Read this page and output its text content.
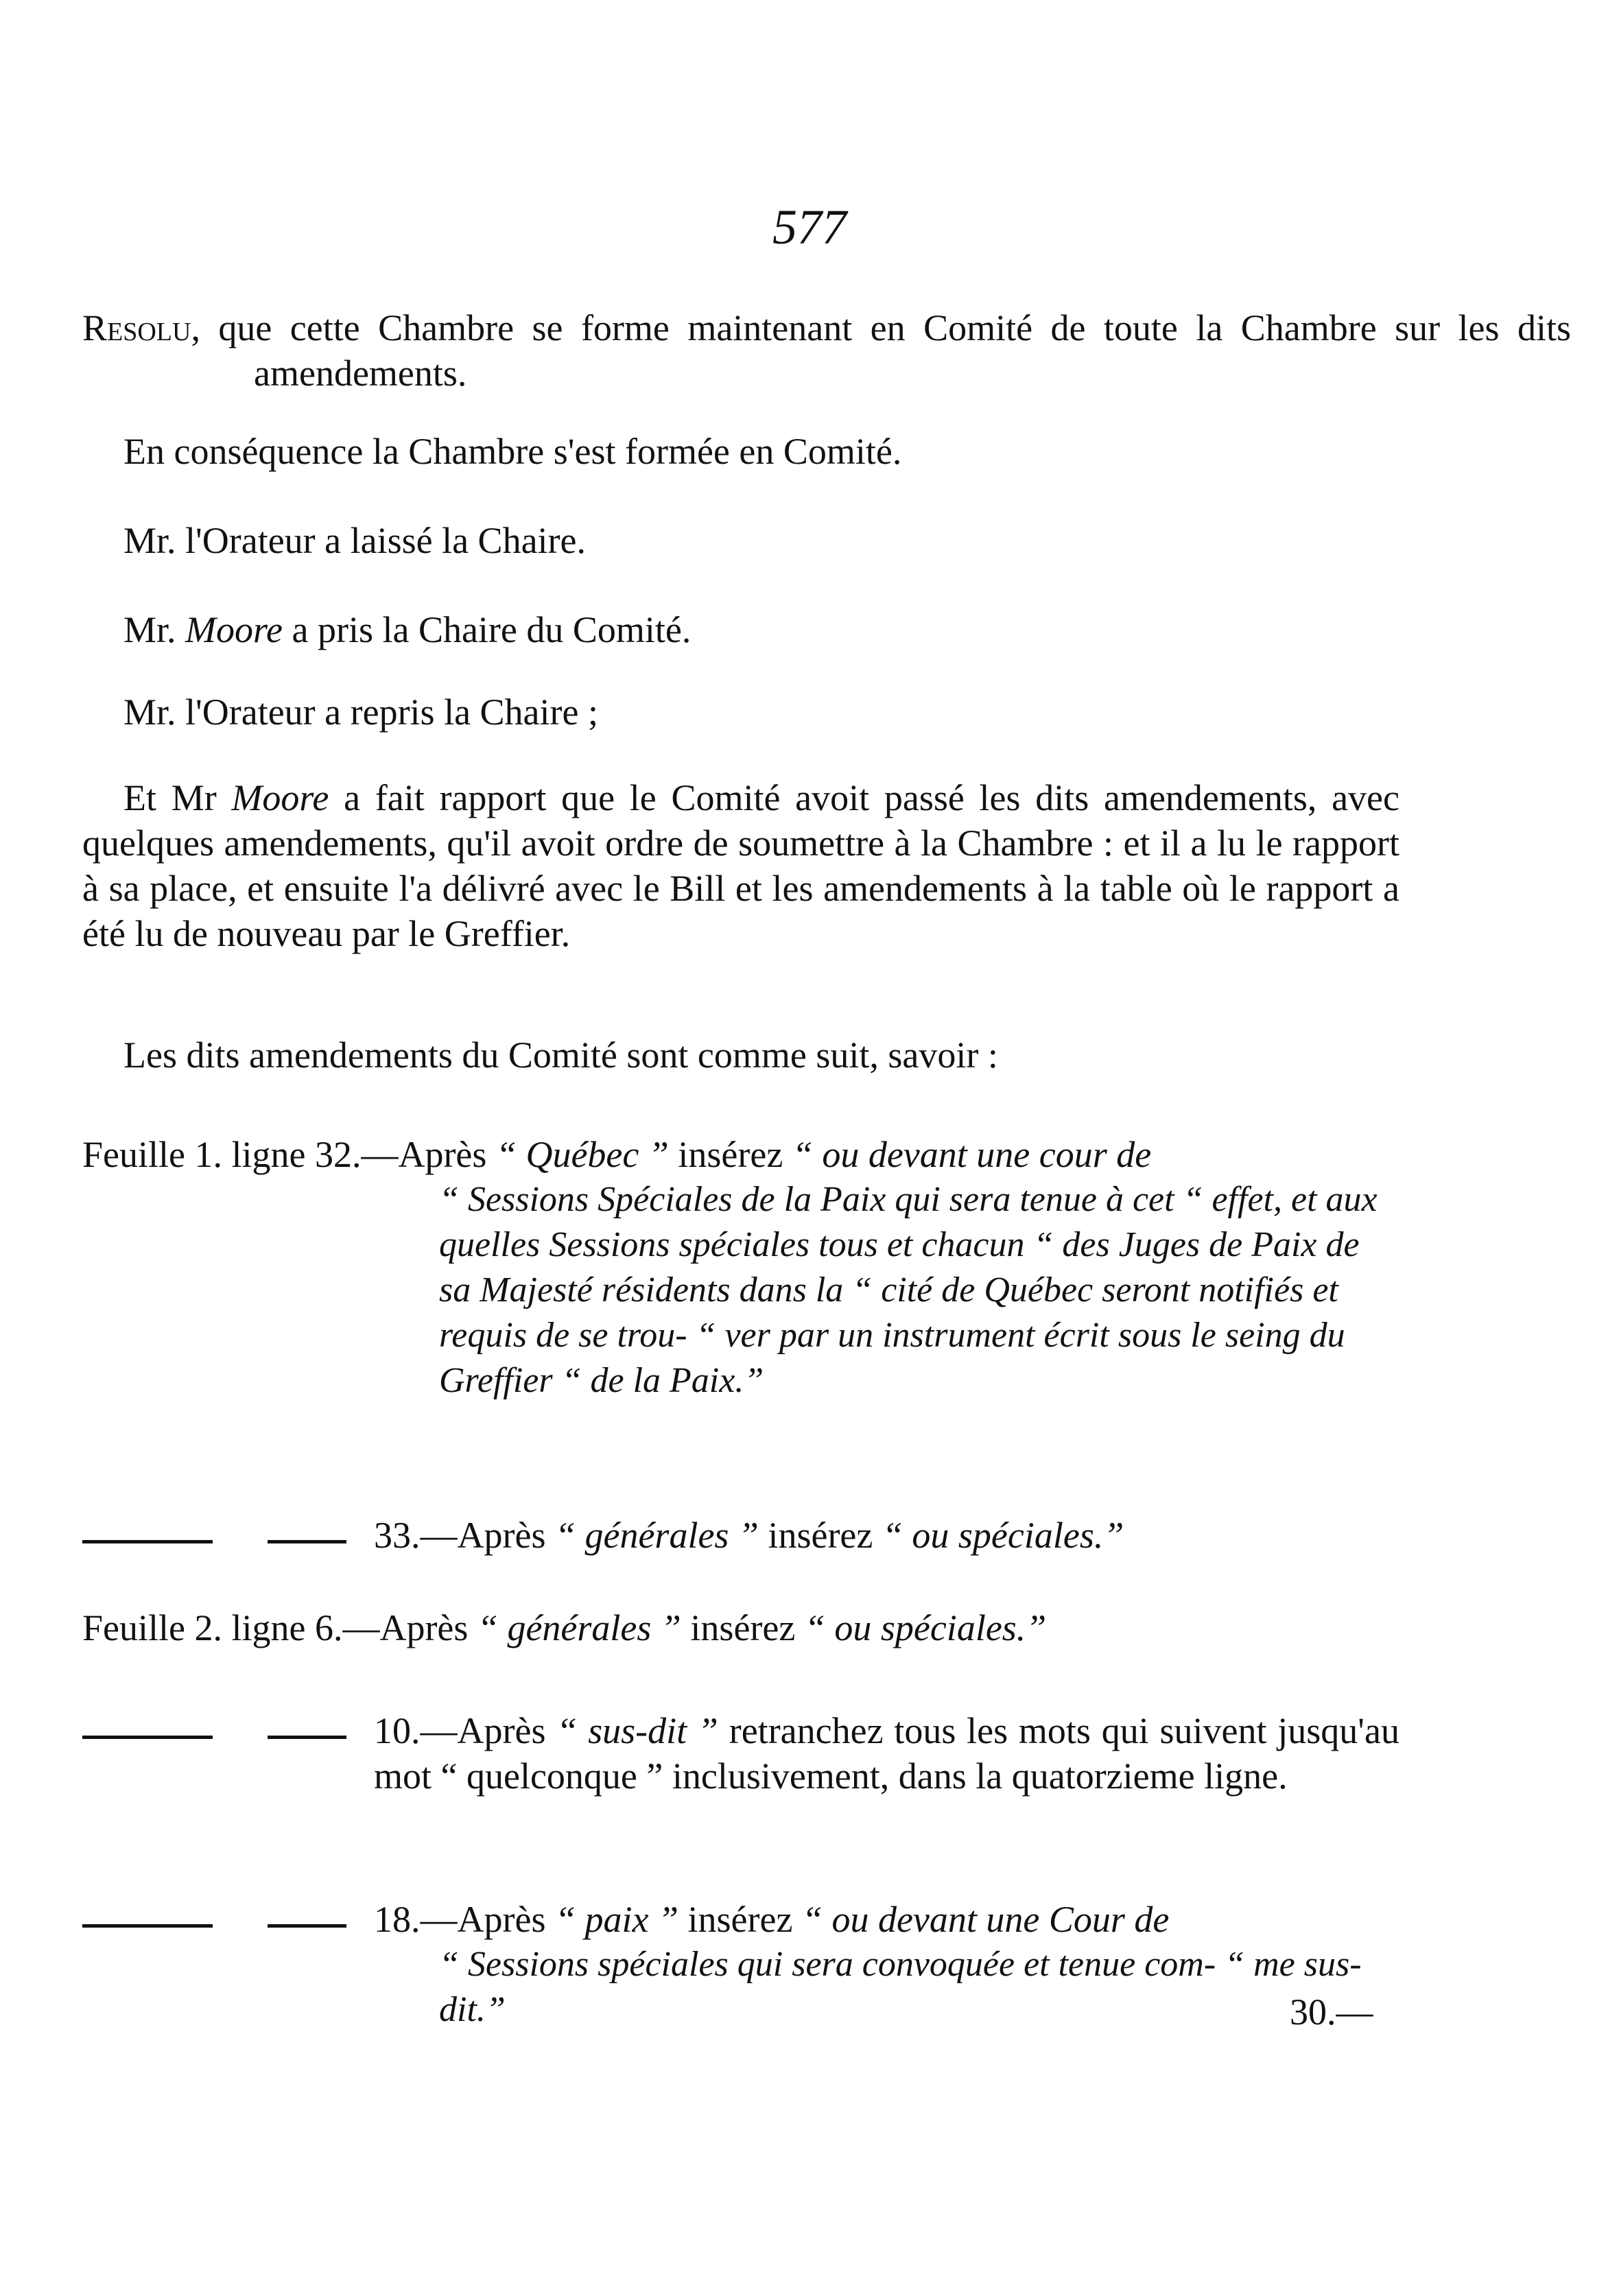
577
Resolu, que cette Chambre se forme maintenant en Comité de toute la Chambre sur les dits amendements.
En conséquence la Chambre s'est formée en Comité.
Mr. l'Orateur a laissé la Chaire.
Mr. Moore a pris la Chaire du Comité.
Mr. l'Orateur a repris la Chaire ;
Et Mr Moore a fait rapport que le Comité avoit passé les dits amendements, avec quelques amendements, qu'il avoit ordre de soumettre à la Chambre : et il a lu le rapport à sa place, et ensuite l'a délivré avec le Bill et les amendements à la table où le rapport a été lu de nouveau par le Greffier.
Les dits amendements du Comité sont comme suit, savoir :
Feuille 1. ligne 32.—Après “ Québec ” insérez “ ou devant une cour de
“ Sessions Spéciales de la Paix qui sera tenue à cet “ effet, et aux quelles Sessions spéciales tous et chacun “ des Juges de Paix de sa Majesté résidents dans la “ cité de Québec seront notifiés et requis de se trou- “ ver par un instrument écrit sous le seing du Greffier “ de la Paix.”
33.—Après “ générales ” insérez “ ou spéciales.”
Feuille 2. ligne 6.—Après “ générales ” insérez “ ou spéciales.”
10.—Après “ sus-dit ” retranchez tous les mots qui suivent jusqu'au mot “ quelconque ” inclusivement, dans la quatorzieme ligne.
18.—Après “ paix ” insérez “ ou devant une Cour de
“ Sessions spéciales qui sera convoquée et tenue com- “ me sus-dit.”	30.—
